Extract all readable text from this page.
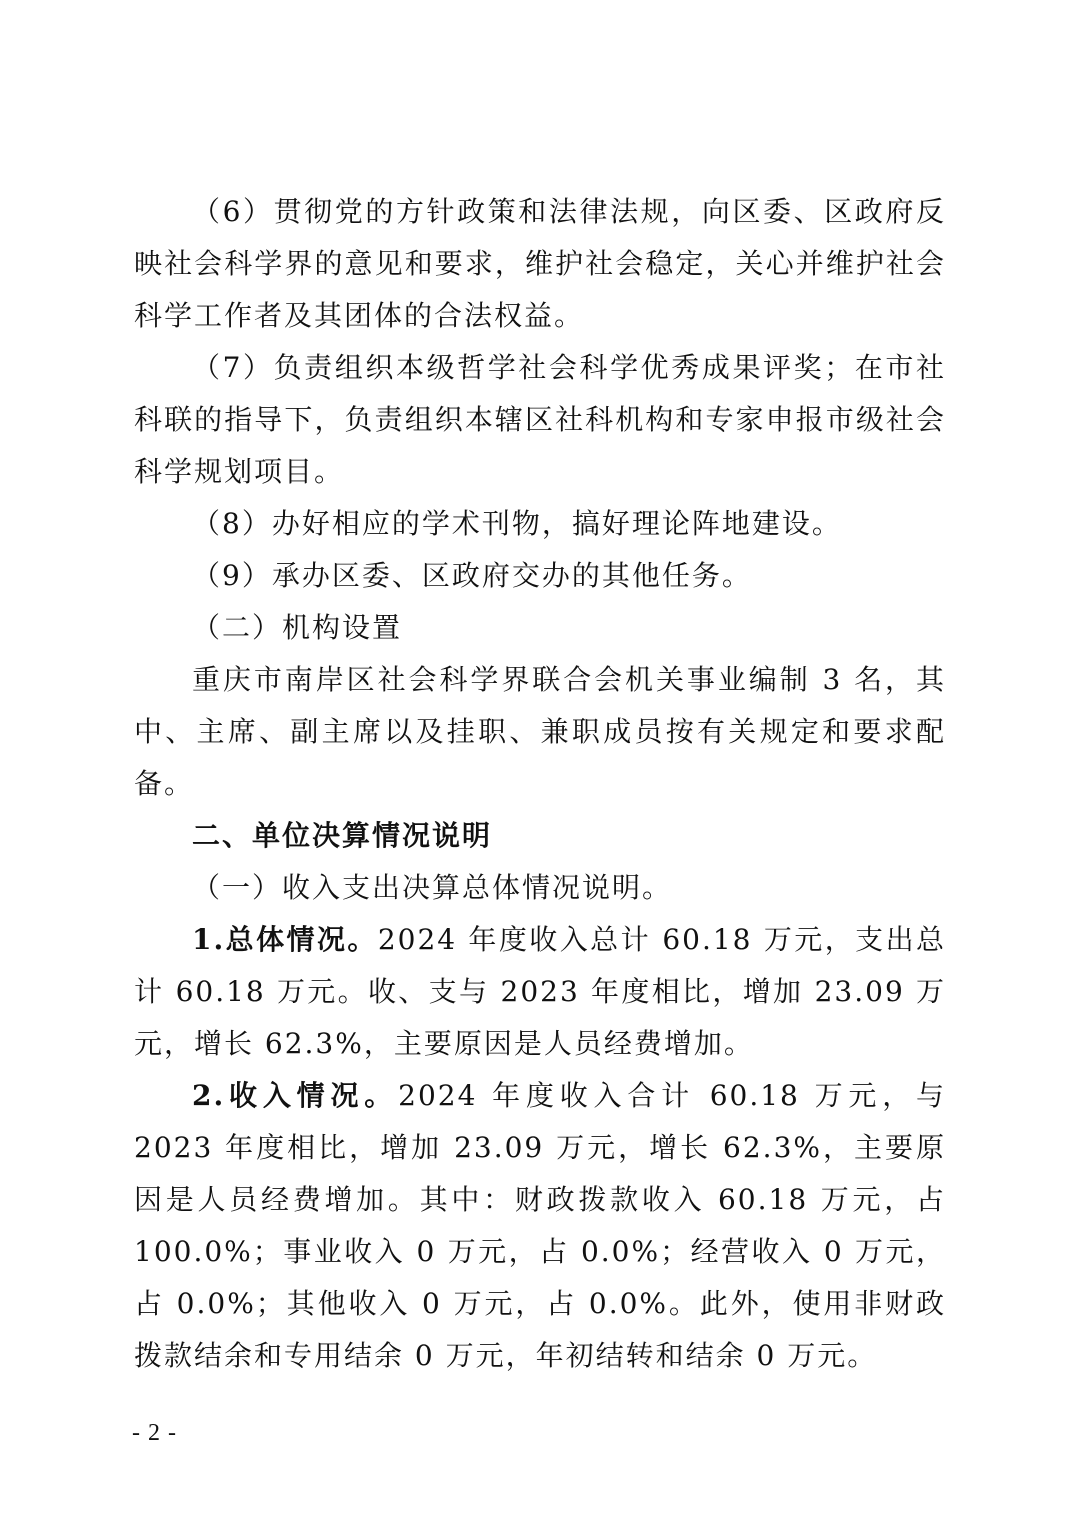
（6）贯彻党的方针政策和法律法规，向区委、区政府反映社会科学界的意见和要求，维护社会稳定，关心并维护社会科学工作者及其团体的合法权益。

（7）负责组织本级哲学社会科学优秀成果评奖；在市社科联的指导下，负责组织本辖区社科机构和专家申报市级社会科学规划项目。

（8）办好相应的学术刊物，搞好理论阵地建设。

（9）承办区委、区政府交办的其他任务。

（二）机构设置

重庆市南岸区社会科学界联合会机关事业编制 3 名，其中、主席、副主席以及挂职、兼职成员按有关规定和要求配备。

二、单位决算情况说明

（一）收入支出决算总体情况说明。

1.总体情况。2024 年度收入总计 60.18 万元，支出总计 60.18 万元。收、支与 2023 年度相比，增加 23.09 万元，增长 62.3%，主要原因是人员经费增加。

2.收入情况。2024 年度收入合计 60.18 万元，与 2023 年度相比，增加 23.09 万元，增长 62.3%，主要原因是人员经费增加。其中：财政拨款收入 60.18 万元，占 100.0%；事业收入 0 万元，占 0.0%；经营收入 0 万元，占 0.0%；其他收入 0 万元，占 0.0%。此外，使用非财政拨款结余和专用结余 0 万元，年初结转和结余 0 万元。

- 2 -
